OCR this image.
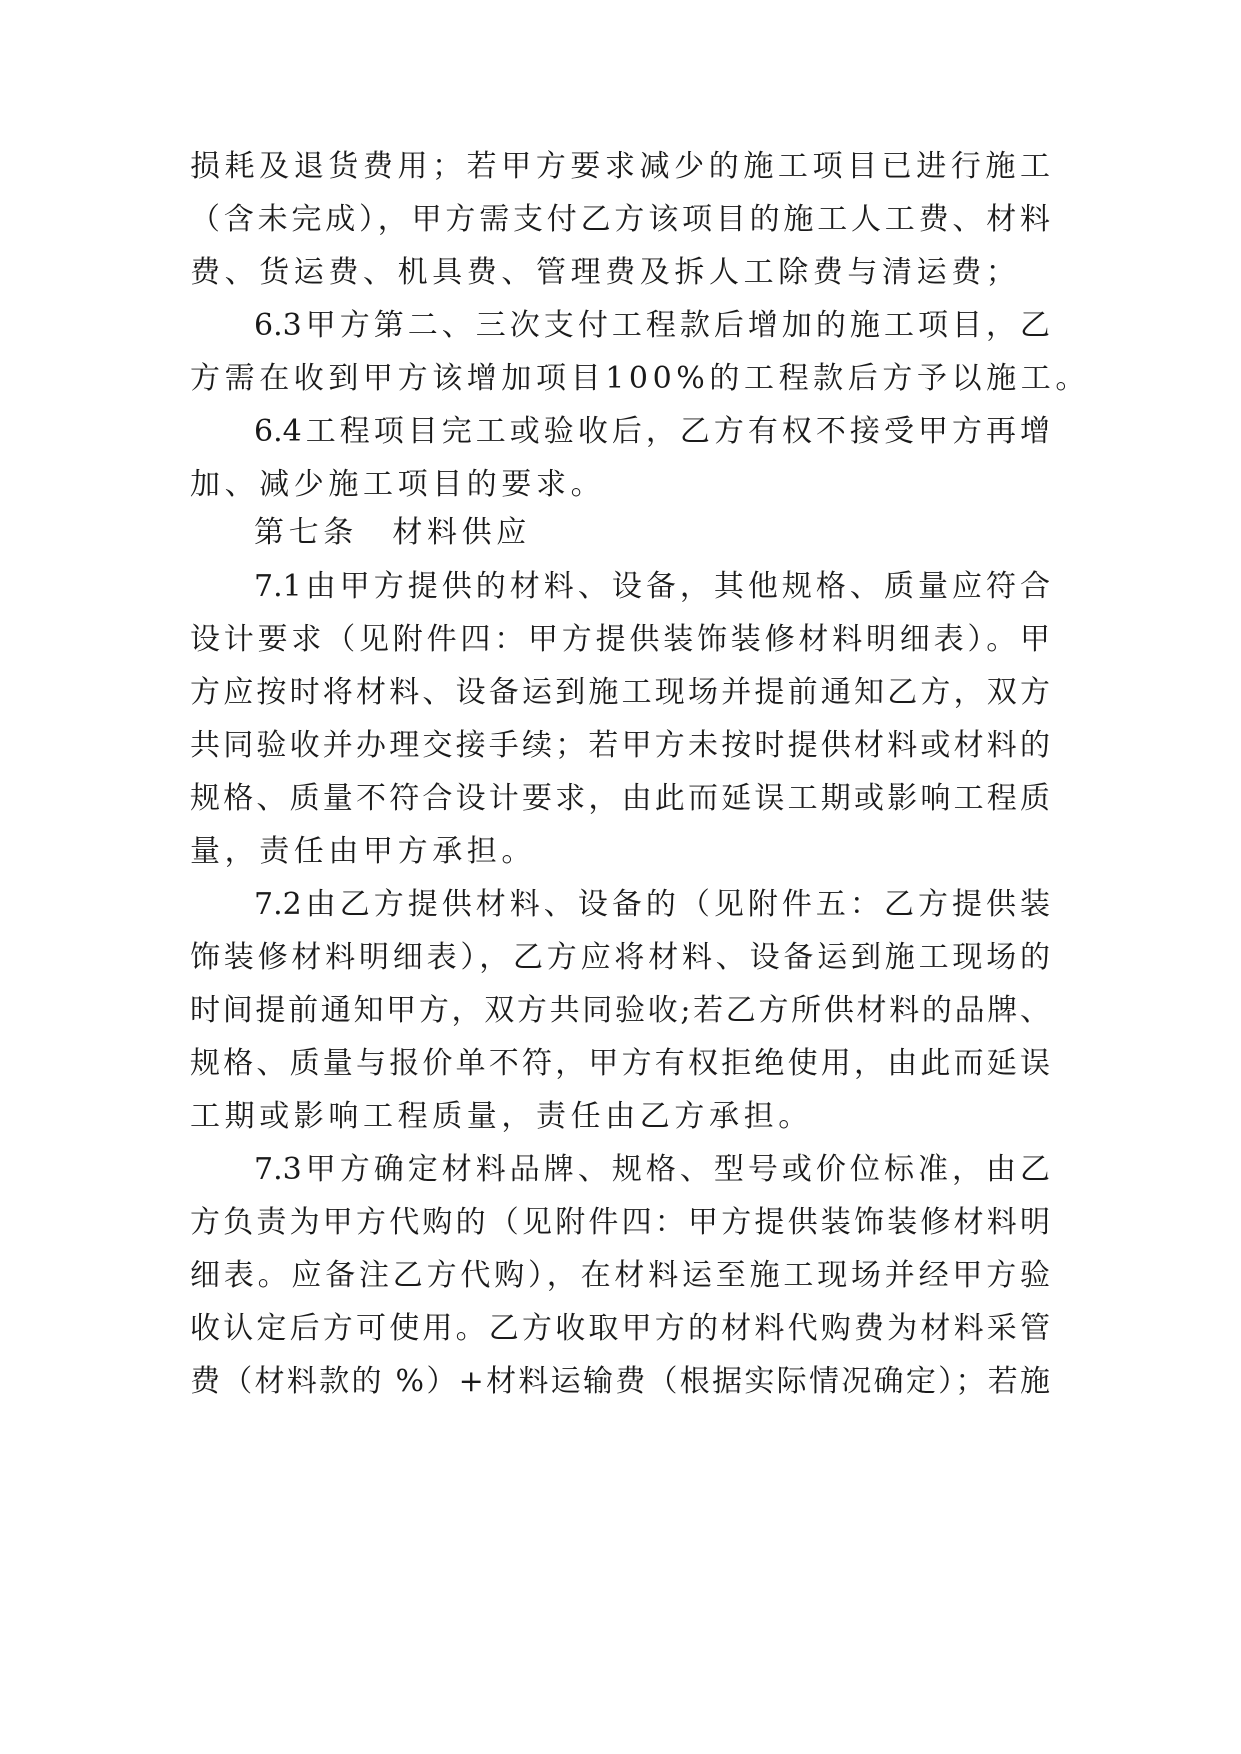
损耗及退货费用；若甲方要求减少的施工项目已进行施工
（含未完成），甲方需支付乙方该项目的施工人工费、材料
费、货运费、机具费、管理费及拆人工除费与清运费；
6.3甲方第二、三次支付工程款后增加的施工项目，乙
方需在收到甲方该增加项目100%的工程款后方予以施工。
6.4工程项目完工或验收后，乙方有权不接受甲方再增
加、减少施工项目的要求。
第七条　材料供应
7.1由甲方提供的材料、设备，其他规格、质量应符合
设计要求（见附件四：甲方提供装饰装修材料明细表）。甲
方应按时将材料、设备运到施工现场并提前通知乙方，双方
共同验收并办理交接手续；若甲方未按时提供材料或材料的
规格、质量不符合设计要求，由此而延误工期或影响工程质
量，责任由甲方承担。
7.2由乙方提供材料、设备的（见附件五：乙方提供装
饰装修材料明细表），乙方应将材料、设备运到施工现场的
时间提前通知甲方，双方共同验收;若乙方所供材料的品牌、
规格、质量与报价单不符，甲方有权拒绝使用，由此而延误
工期或影响工程质量，责任由乙方承担。
7.3甲方确定材料品牌、规格、型号或价位标准，由乙
方负责为甲方代购的（见附件四：甲方提供装饰装修材料明
细表。应备注乙方代购），在材料运至施工现场并经甲方验
收认定后方可使用。乙方收取甲方的材料代购费为材料采管
费（材料款的 %）+材料运输费（根据实际情况确定）；若施
